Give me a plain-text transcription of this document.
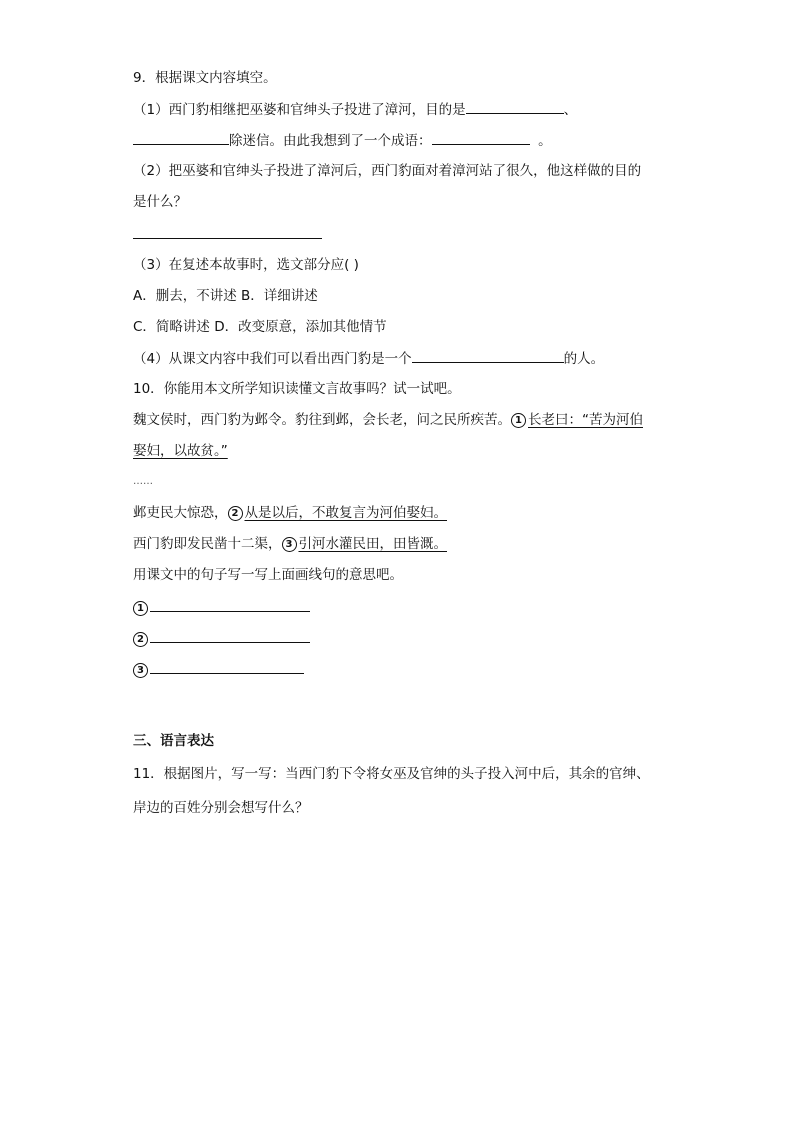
9．根据课文内容填空。
（1）西门豹相继把巫婆和官绅头子投进了漳河，目的是	、
除迷信。由此我想到了一个成语：	。
（2）把巫婆和官绅头子投进了漳河后，西门豹面对着漳河站了很久，他这样做的目的
是什么？
（3）在复述本故事时，选文部分应( )
A．删去，不讲述 B．详细讲述
C．简略讲述 D．改变原意，添加其他情节
（4）从课文内容中我们可以看出西门豹是一个	的人。
10．你能用本文所学知识读懂文言故事吗？试一试吧。
魏文侯时，西门豹为邺令。豹往到邺，会长老，问之民所疾苦。 1 长老曰：“苦为河伯
娶妇，以故贫。”
……
邺吏民大惊恐， 2 从是以后，不敢复言为河伯娶妇。
西门豹即发民凿十二渠， 3 引河水灌民田，田皆溉。
用课文中的句子写一写上面画线句的意思吧。
1
2
3
三、语言表达
11．根据图片，写一写：当西门豹下令将女巫及官绅的头子投入河中后，其余的官绅、
岸边的百姓分别会想写什么？
